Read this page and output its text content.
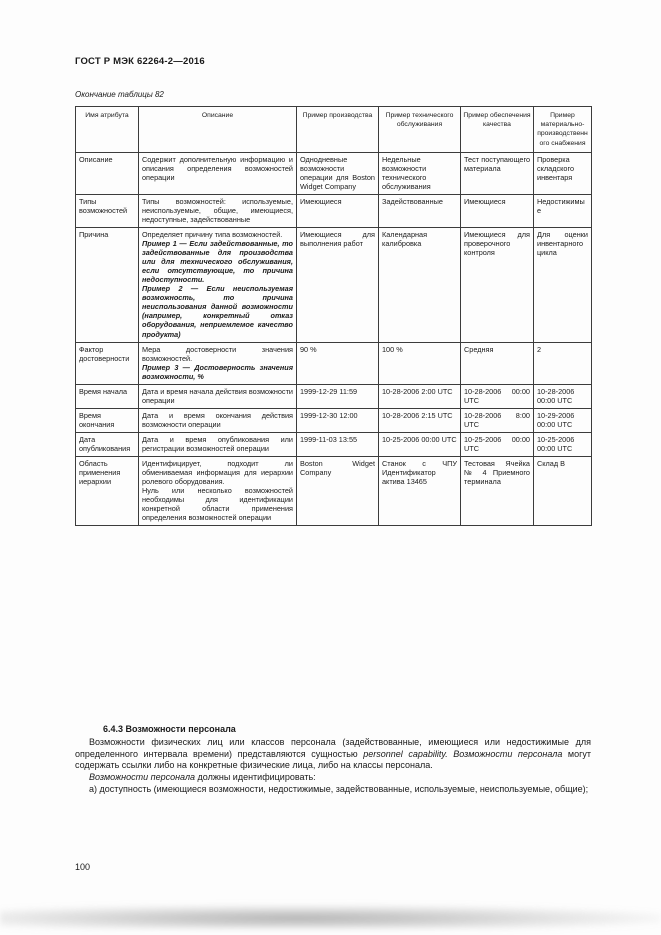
ГОСТ Р МЭК 62264-2—2016
Окончание таблицы 82
Имя атрибута	Описание	Пример производства	Пример технического обслуживания	Пример обеспечения качества	Пример материально-производственного снабжения
Описание	Содержит дополнительную информацию и описания определения возможностей операции	Однодневные возможности операции для Boston Widget Company	Недельные возможности технического обслуживания	Тест поступающего материала	Проверка складского инвентаря
Типы возможностей	Типы возможностей: используемые, неиспользуемые, общие, имеющиеся, недоступные, задействованные	Имеющиеся	Задействованные	Имеющиеся	Недостижимые
Причина	Определяет причину типа возможностей.

Пример 1 — Если задействованные, то задействованные для производства или для технического обслуживания, если отсутствующие, то причина недоступности.

Пример 2 — Если неиспользуемая возможность, то причина неиспользования данной возможности (например, конкретный отказ оборудования, неприемлемое качество продукта)	Имеющиеся для выполнения работ	Календарная калибровка	Имеющиеся для проверочного контроля	Для оценки инвентарного цикла
Фактор достоверности	Мера достоверности значения возможностей.

Пример 3 — Достоверность значения возможности, %	90 %	100 %	Средняя	2
Время начала	Дата и время начала действия возможности операции	1999-12-29 11:59	10-28-2006 2:00 UTC	10-28-2006 00:00 UTC	10-28-2006 00:00 UTC
Время окончания	Дата и время окончания действия возможности операции	1999-12-30 12:00	10-28-2006 2:15 UTC	10-28-2006 8:00 UTC	10-29-2006 00:00 UTC
Дата опубликования	Дата и время опубликования или регистрации возможностей операции	1999-11-03 13:55	10-25-2006 00:00 UTC	10-25-2006 00:00 UTC	10-25-2006 00:00 UTC
Область применения иерархии	Идентифицирует, подходит ли обмениваемая информация для иерархии ролевого оборудования.

Нуль или несколько возможностей необходимы для идентификации конкретной области применения определения возможностей операции	Boston Widget Company	Станок с ЧПУ Идентификатор актива 13465	Тестовая Ячейка № 4 Приемного терминала	Склад В

6.4.3 Возможности персонала

Возможности физических лиц или классов персонала (задействованные, имеющиеся или недостижимые для определенного интервала времени) представляются сущностью personnel capability. Возможности персонала могут содержать ссылки либо на конкретные физические лица, либо на классы персонала.

Возможности персонала должны идентифицировать:

а) доступность (имеющиеся возможности, недостижимые, задействованные, используемые, неиспользуемые, общие);

100
